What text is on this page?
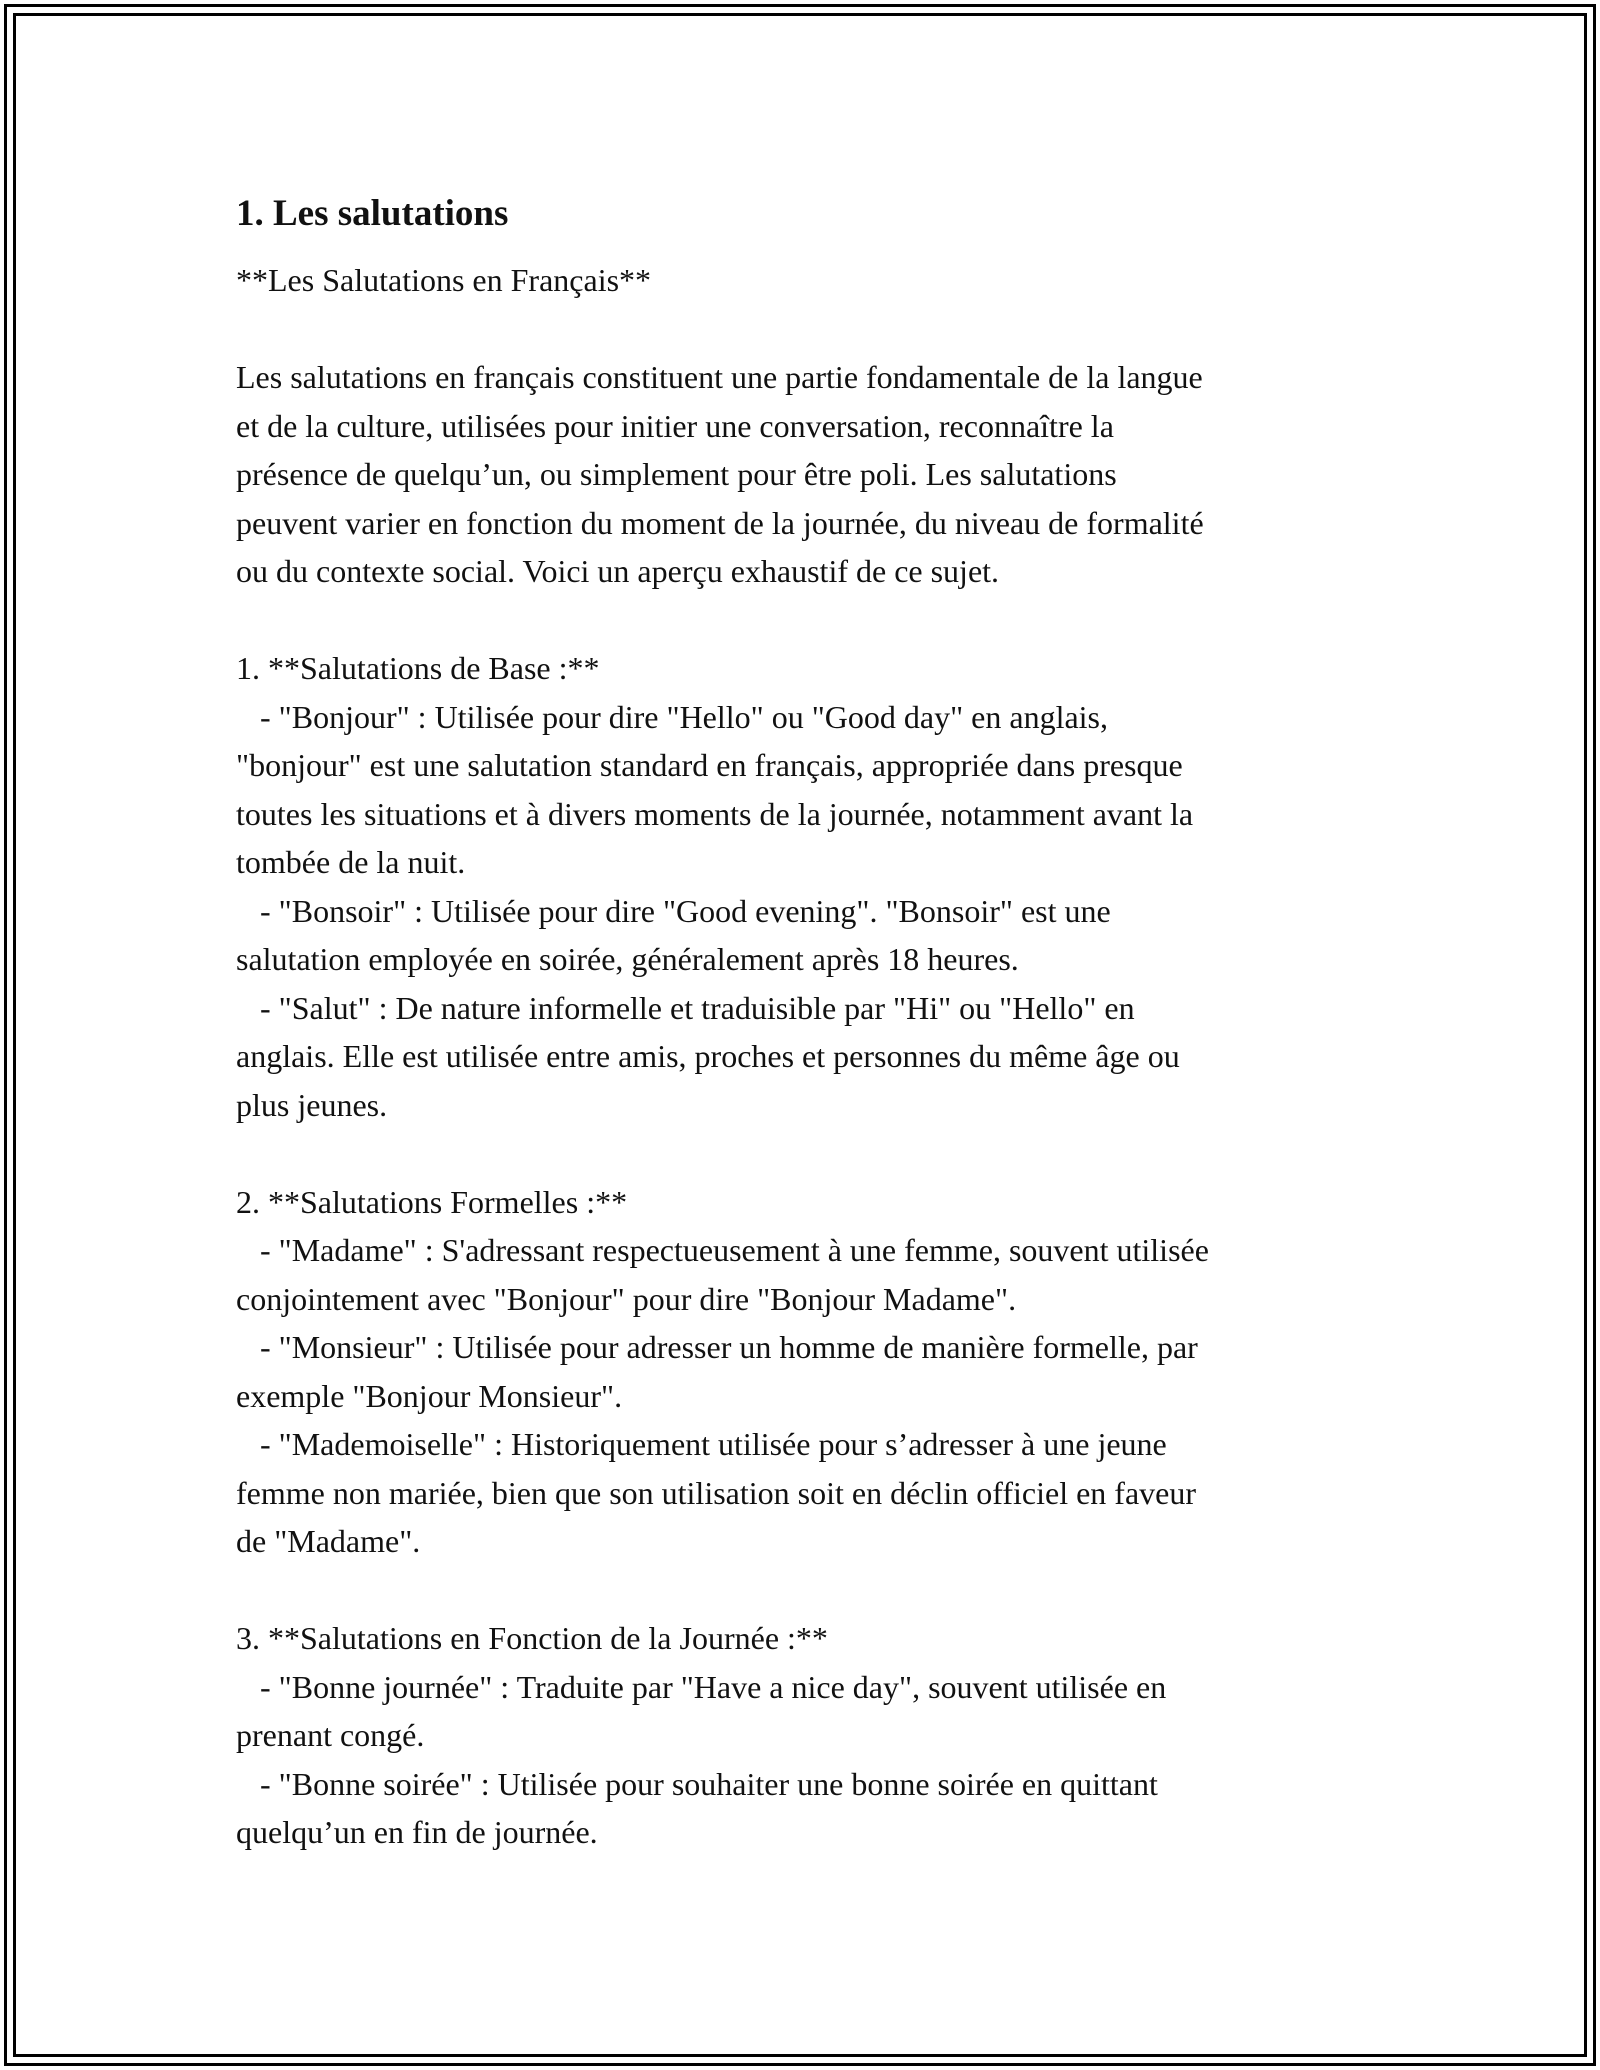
1. Les salutations

**Les Salutations en Français**

Les salutations en français constituent une partie fondamentale de la langue
et de la culture, utilisées pour initier une conversation, reconnaître la
présence de quelqu’un, ou simplement pour être poli. Les salutations
peuvent varier en fonction du moment de la journée, du niveau de formalité
ou du contexte social. Voici un aperçu exhaustif de ce sujet.
1. **Salutations de Base :**
- "Bonjour" : Utilisée pour dire "Hello" ou "Good day" en anglais,
"bonjour" est une salutation standard en français, appropriée dans presque
toutes les situations et à divers moments de la journée, notamment avant la
tombée de la nuit.
- "Bonsoir" : Utilisée pour dire "Good evening". "Bonsoir" est une
salutation employée en soirée, généralement après 18 heures.
- "Salut" : De nature informelle et traduisible par "Hi" ou "Hello" en
anglais. Elle est utilisée entre amis, proches et personnes du même âge ou
plus jeunes.
2. **Salutations Formelles :**
- "Madame" : S'adressant respectueusement à une femme, souvent utilisée
conjointement avec "Bonjour" pour dire "Bonjour Madame".
- "Monsieur" : Utilisée pour adresser un homme de manière formelle, par
exemple "Bonjour Monsieur".
- "Mademoiselle" : Historiquement utilisée pour s’adresser à une jeune
femme non mariée, bien que son utilisation soit en déclin officiel en faveur
de "Madame".
3. **Salutations en Fonction de la Journée :**
- "Bonne journée" : Traduite par "Have a nice day", souvent utilisée en
prenant congé.
- "Bonne soirée" : Utilisée pour souhaiter une bonne soirée en quittant
quelqu’un en fin de journée.
